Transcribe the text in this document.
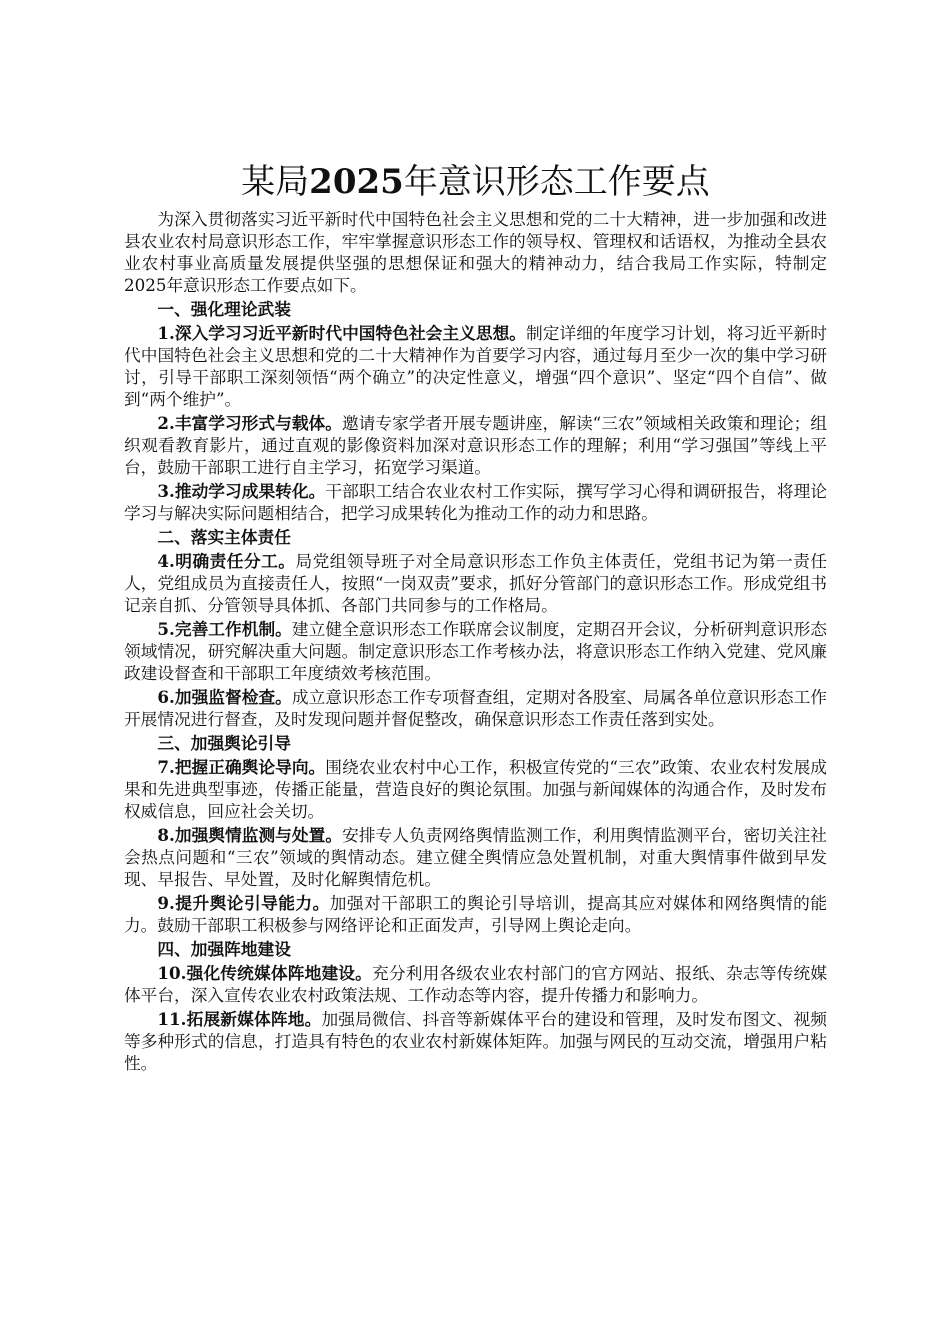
某局2025年意识形态工作要点

为深入贯彻落实习近平新时代中国特色社会主义思想和党的二十大精神，进一步加强和改进县农业农村局意识形态工作，牢牢掌握意识形态工作的领导权、管理权和话语权，为推动全县农业农村事业高质量发展提供坚强的思想保证和强大的精神动力，结合我局工作实际，特制定2025年意识形态工作要点如下。

一、强化理论武装

1.深入学习习近平新时代中国特色社会主义思想。制定详细的年度学习计划，将习近平新时代中国特色社会主义思想和党的二十大精神作为首要学习内容，通过每月至少一次的集中学习研讨，引导干部职工深刻领悟“两个确立”的决定性意义，增强“四个意识”、坚定“四个自信”、做到“两个维护”。

2.丰富学习形式与载体。邀请专家学者开展专题讲座，解读“三农”领域相关政策和理论；组织观看教育影片，通过直观的影像资料加深对意识形态工作的理解；利用“学习强国”等线上平台，鼓励干部职工进行自主学习，拓宽学习渠道。

3.推动学习成果转化。干部职工结合农业农村工作实际，撰写学习心得和调研报告，将理论学习与解决实际问题相结合，把学习成果转化为推动工作的动力和思路。

二、落实主体责任

4.明确责任分工。局党组领导班子对全局意识形态工作负主体责任，党组书记为第一责任人，党组成员为直接责任人，按照“一岗双责”要求，抓好分管部门的意识形态工作。形成党组书记亲自抓、分管领导具体抓、各部门共同参与的工作格局。

5.完善工作机制。建立健全意识形态工作联席会议制度，定期召开会议，分析研判意识形态领域情况，研究解决重大问题。制定意识形态工作考核办法，将意识形态工作纳入党建、党风廉政建设督查和干部职工年度绩效考核范围。

6.加强监督检查。成立意识形态工作专项督查组，定期对各股室、局属各单位意识形态工作开展情况进行督查，及时发现问题并督促整改，确保意识形态工作责任落到实处。

三、加强舆论引导

7.把握正确舆论导向。围绕农业农村中心工作，积极宣传党的“三农”政策、农业农村发展成果和先进典型事迹，传播正能量，营造良好的舆论氛围。加强与新闻媒体的沟通合作，及时发布权威信息，回应社会关切。

8.加强舆情监测与处置。安排专人负责网络舆情监测工作，利用舆情监测平台，密切关注社会热点问题和“三农”领域的舆情动态。建立健全舆情应急处置机制，对重大舆情事件做到早发现、早报告、早处置，及时化解舆情危机。

9.提升舆论引导能力。加强对干部职工的舆论引导培训，提高其应对媒体和网络舆情的能力。鼓励干部职工积极参与网络评论和正面发声，引导网上舆论走向。

四、加强阵地建设

10.强化传统媒体阵地建设。充分利用各级农业农村部门的官方网站、报纸、杂志等传统媒体平台，深入宣传农业农村政策法规、工作动态等内容，提升传播力和影响力。

11.拓展新媒体阵地。加强局微信、抖音等新媒体平台的建设和管理，及时发布图文、视频等多种形式的信息，打造具有特色的农业农村新媒体矩阵。加强与网民的互动交流，增强用户粘性。
